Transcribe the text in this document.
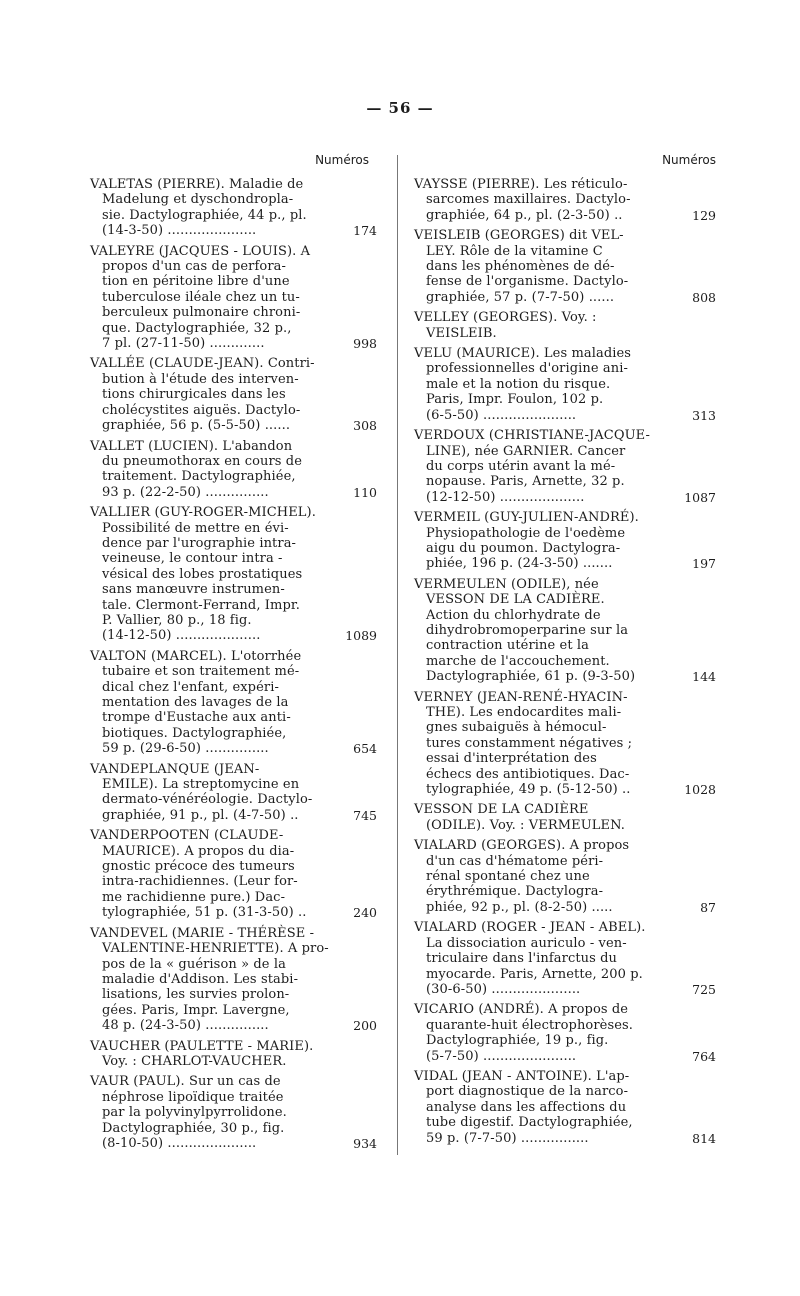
— 56 —
Numéros
VALETAS (PIERRE). Maladie de
Madelung et dyschondropla-
sie. Dactylographiée, 44 p., pl.
(14-3-50) .....................	174
VALEYRE (JACQUES - LOUIS). A
propos d'un cas de perfora-
tion en péritoine libre d'une
tuberculose iléale chez un tu-
berculeux pulmonaire chroni-
que. Dactylographiée, 32 p.,
7 pl. (27-11-50) .............	998
VALLÉE (CLAUDE-JEAN). Contri-
bution à l'étude des interven-
tions chirurgicales dans les
cholécystites aiguës. Dactylo-
graphiée, 56 p. (5-5-50) ......	308
VALLET (LUCIEN). L'abandon
du pneumothorax en cours de
traitement. Dactylographiée,
93 p. (22-2-50) ...............	110
VALLIER (GUY-ROGER-MICHEL).
Possibilité de mettre en évi-
dence par l'urographie intra-
veineuse, le contour intra -
vésical des lobes prostatiques
sans manœuvre instrumen-
tale. Clermont-Ferrand, Impr.
P. Vallier, 80 p., 18 fig.
(14-12-50) ....................	1089
VALTON (MARCEL). L'otorrhée
tubaire et son traitement mé-
dical chez l'enfant, expéri-
mentation des lavages de la
trompe d'Eustache aux anti-
biotiques. Dactylographiée,
59 p. (29-6-50) ...............	654
VANDEPLANQUE (JEAN-
EMILE). La streptomycine en
dermato-vénéréologie. Dactylo-
graphiée, 91 p., pl. (4-7-50) ..	745
VANDERPOOTEN (CLAUDE-
MAURICE). A propos du dia-
gnostic précoce des tumeurs
intra-rachidiennes. (Leur for-
me rachidienne pure.) Dac-
tylographiée, 51 p. (31-3-50) ..	240
VANDEVEL (MARIE - THÉRÈSE -
VALENTINE-HENRIETTE). A pro-
pos de la « guérison » de la
maladie d'Addison. Les stabi-
lisations, les survies prolon-
gées. Paris, Impr. Lavergne,
48 p. (24-3-50) ...............	200
VAUCHER (PAULETTE - MARIE).
Voy. : CHARLOT-VAUCHER.
VAUR (PAUL). Sur un cas de
néphrose lipoïdique traitée
par la polyvinylpyrrolidone.
Dactylographiée, 30 p., fig.
(8-10-50) .....................	934
Numéros
VAYSSE (PIERRE). Les réticulo-
sarcomes maxillaires. Dactylo-
graphiée, 64 p., pl. (2-3-50) ..	129
VEISLEIB (GEORGES) dit VEL-
LEY. Rôle de la vitamine C
dans les phénomènes de dé-
fense de l'organisme. Dactylo-
graphiée, 57 p. (7-7-50) ......	808
VELLEY (GEORGES). Voy. :
VEISLEIB.
VELU (MAURICE). Les maladies
professionnelles d'origine ani-
male et la notion du risque.
Paris, Impr. Foulon, 102 p.
(6-5-50) ......................	313
VERDOUX (CHRISTIANE-JACQUE-
LINE), née GARNIER. Cancer
du corps utérin avant la mé-
nopause. Paris, Arnette, 32 p.
(12-12-50) ....................	1087
VERMEIL (GUY-JULIEN-ANDRÉ).
Physiopathologie de l'oedème
aigu du poumon. Dactylogra-
phiée, 196 p. (24-3-50) .......	197
VERMEULEN (ODILE), née
VESSON DE LA CADIÈRE.
Action du chlorhydrate de
dihydrobromoperparine sur la
contraction utérine et la
marche de l'accouchement.
Dactylographiée, 61 p. (9-3-50)	144
VERNEY (JEAN-RENÉ-HYACIN-
THE). Les endocardites mali-
gnes subaiguës à hémocul-
tures constamment négatives ;
essai d'interprétation des
échecs des antibiotiques. Dac-
tylographiée, 49 p. (5-12-50) ..	1028
VESSON DE LA CADIÈRE
(ODILE). Voy. : VERMEULEN.
VIALARD (GEORGES). A propos
d'un cas d'hématome péri-
rénal spontané chez une
érythrémique. Dactylogra-
phiée, 92 p., pl. (8-2-50) .....	87
VIALARD (ROGER - JEAN - ABEL).
La dissociation auriculo - ven-
triculaire dans l'infarctus du
myocarde. Paris, Arnette, 200 p.
(30-6-50) .....................	725
VICARIO (ANDRÉ). A propos de
quarante-huit électrophorèses.
Dactylographiée, 19 p., fig.
(5-7-50) ......................	764
VIDAL (JEAN - ANTOINE). L'ap-
port diagnostique de la narco-
analyse dans les affections du
tube digestif. Dactylographiée,
59 p. (7-7-50) ................	814
